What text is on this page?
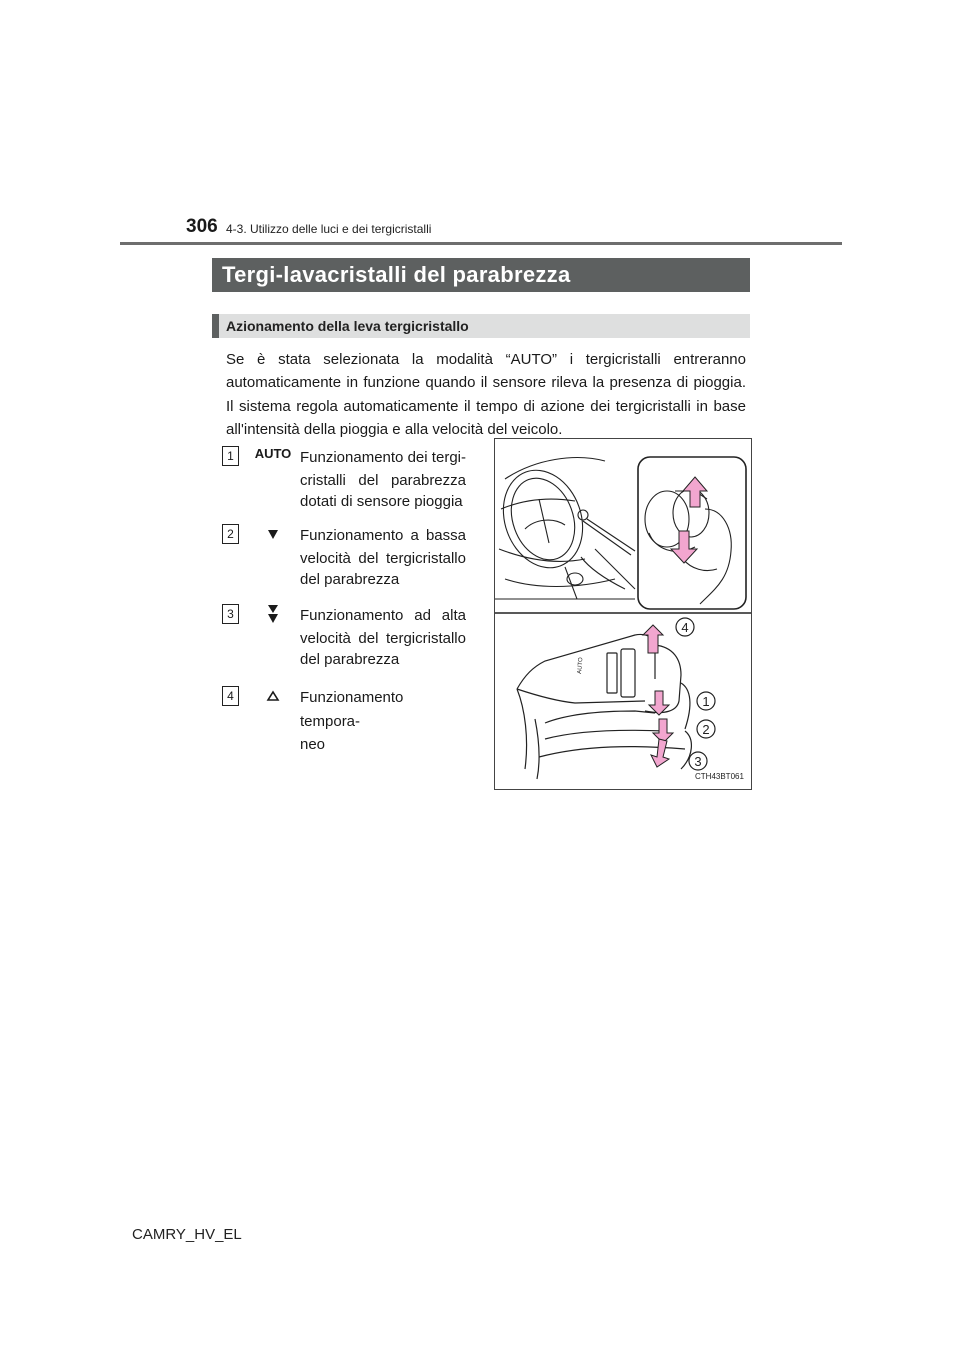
306 4-3. Utilizzo delle luci e dei tergicristalli
Tergi-lavacristalli del parabrezza
Azionamento della leva tergicristallo
Se è stata selezionata la modalità “AUTO” i tergicristalli entreranno automaticamente in funzione quando il sensore rileva la presenza di pioggia. Il sistema regola automaticamente il tempo di azione dei tergicristalli in base all'intensità della pioggia e alla velocità del veicolo.
1	AUTO Funzionamento dei tergi-
cristalli del parabrezza
dotati di sensore pioggia
2	Funzionamento a bassa
velocità del tergicristallo
del parabrezza
3	Funzionamento ad alta
velocità del tergicristallo
del parabrezza
4	Funzionamento tempora-
neo
AUTO
4
1
2
3
CTH43BT061
CAMRY_HV_EL
